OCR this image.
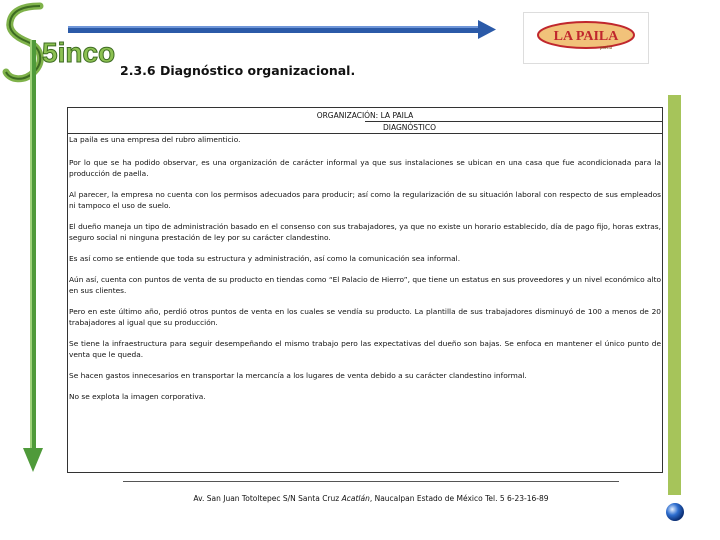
5inco
LA PAILA
paella
2.3.6 Diagnóstico organizacional.
ORGANIZACIÓN: LA PAILA
DIAGNÓSTICO

La paila es una empresa del rubro alimenticio.

Por lo que se ha podido observar, es una organización de carácter informal ya que sus instalaciones se ubican en una casa que fue acondicionada para la producción de paella.

Al parecer, la empresa no cuenta con los permisos adecuados para producir; así como la regularización de su situación laboral con respecto de sus empleados ni tampoco el uso de suelo.

El dueño maneja un tipo de administración basado en el consenso con sus trabajadores, ya que no existe un horario establecido, día de pago fijo, horas extras, seguro social ni ninguna prestación de ley por su carácter clandestino.

Es así como se entiende que toda su estructura y administración, así como la comunicación sea informal.

Aún así, cuenta con puntos de venta de su producto en tiendas como “El Palacio de Hierro”, que tiene un estatus en sus proveedores y un nivel económico alto en sus clientes.

Pero en este último año, perdió otros puntos de venta en los cuales se vendía su producto. La plantilla de sus trabajadores disminuyó de 100 a menos de 20 trabajadores al igual que su producción.

Se tiene la infraestructura para seguir desempeñando el mismo trabajo pero las expectativas del dueño son bajas. Se enfoca en mantener el único punto de venta que le queda.

Se hacen gastos innecesarios en transportar la mercancía a los lugares de venta debido a su carácter clandestino informal.

No se explota la imagen corporativa.

Av. San Juan Totoltepec S/N Santa Cruz Acatlán, Naucalpan Estado de México Tel. 5 6-23-16-89
